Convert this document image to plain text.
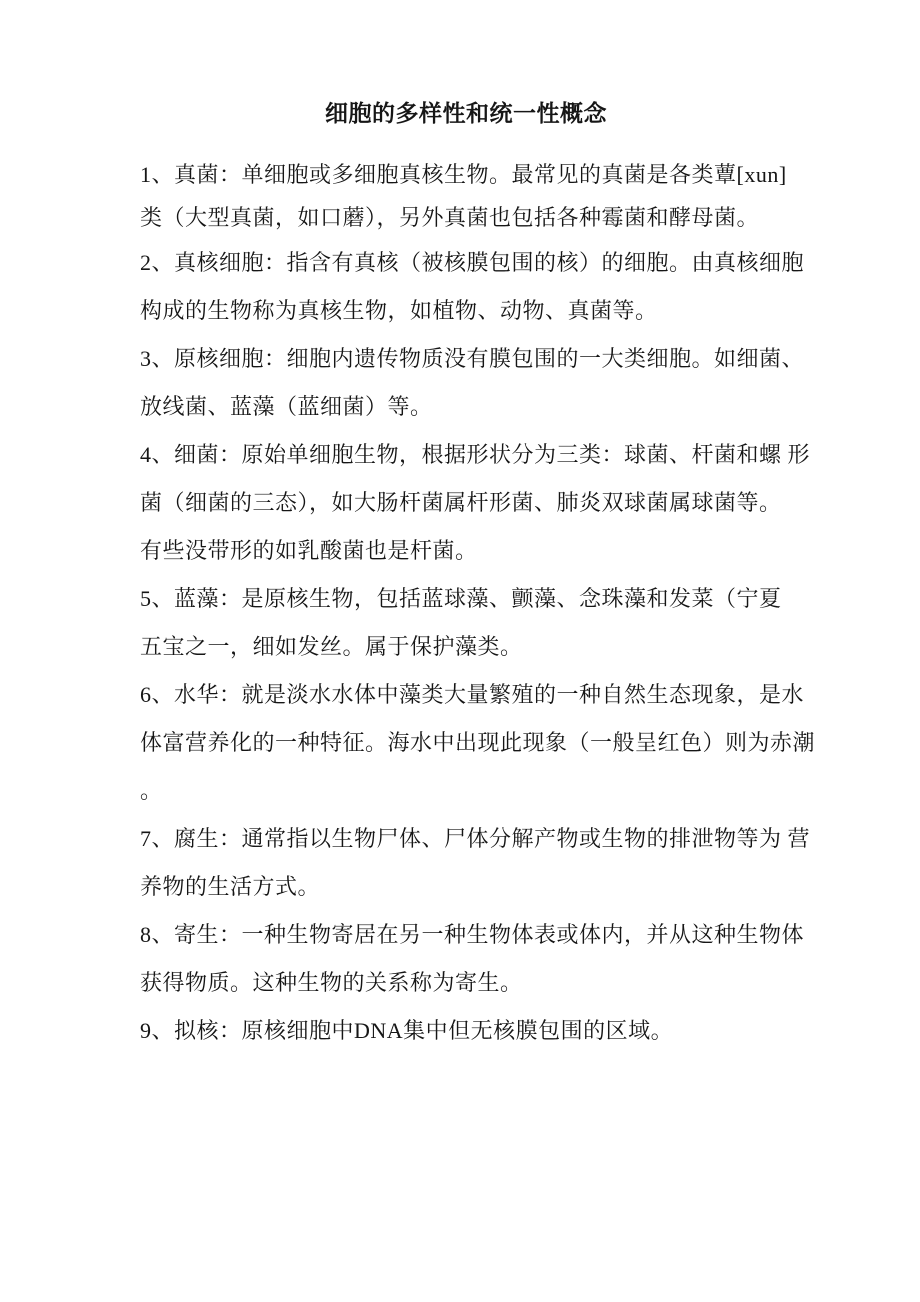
细胞的多样性和统一性概念
1、真菌：单细胞或多细胞真核生物。最常见的真菌是各类蕈[xun]
类（大型真菌，如口蘑），另外真菌也包括各种霉菌和酵母菌。
2、真核细胞：指含有真核（被核膜包围的核）的细胞。由真核细胞
构成的生物称为真核生物，如植物、动物、真菌等。
3、原核细胞：细胞内遗传物质没有膜包围的一大类细胞。如细菌、
放线菌、蓝藻（蓝细菌）等。
4、细菌：原始单细胞生物，根据形状分为三类：球菌、杆菌和螺 形
菌（细菌的三态），如大肠杆菌属杆形菌、肺炎双球菌属球菌等。
有些没带形的如乳酸菌也是杆菌。
5、蓝藻：是原核生物，包括蓝球藻、颤藻、念珠藻和发菜（宁夏
五宝之一，细如发丝。属于保护藻类。
6、水华：就是淡水水体中藻类大量繁殖的一种自然生态现象，是水
体富营养化的一种特征。海水中出现此现象（一般呈红色）则为赤潮
。
7、腐生：通常指以生物尸体、尸体分解产物或生物的排泄物等为 营
养物的生活方式。
8、寄生：一种生物寄居在另一种生物体表或体内，并从这种生物体
获得物质。这种生物的关系称为寄生。
9、拟核：原核细胞中DNA集中但无核膜包围的区域。
